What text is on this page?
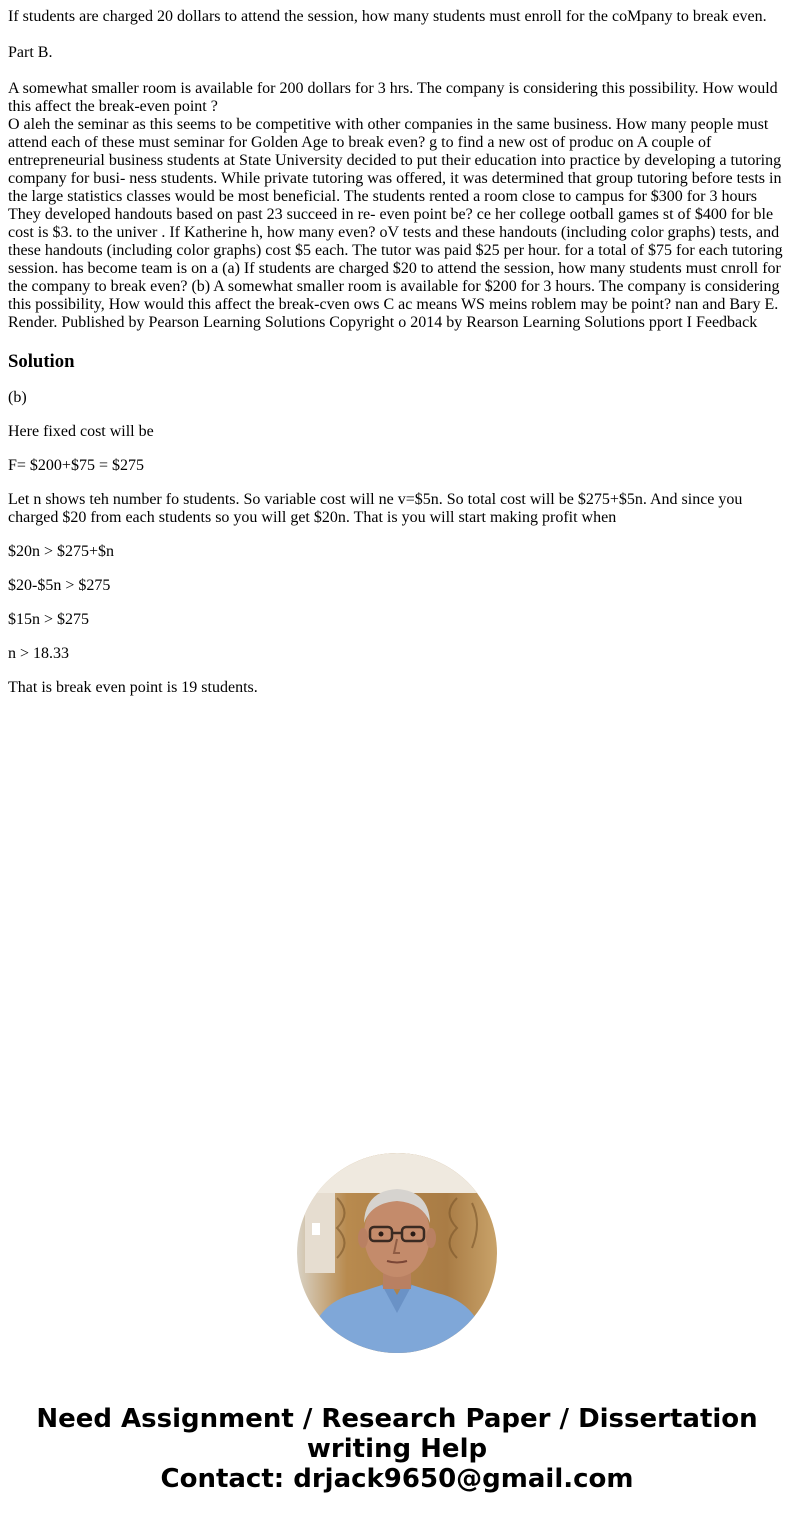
If students are charged 20 dollars to attend the session, how many students must enroll for the coMpany to break even.

Part B.

A somewhat smaller room is available for 200 dollars for 3 hrs. The company is considering this possibility. How would this affect the break-even point ?

O aleh the seminar as this seems to be competitive with other companies in the same business. How many people must attend each of these must seminar for Golden Age to break even? g to find a new ost of produc on A couple of entrepreneurial business students at State University decided to put their education into practice by developing a tutoring company for busi- ness students. While private tutoring was offered, it was determined that group tutoring before tests in the large statistics classes would be most beneficial. The students rented a room close to campus for $300 for 3 hours They developed handouts based on past 23 succeed in re- even point be? ce her college ootball games st of $400 for ble cost is $3. to the univer . If Katherine h, how many even? oV tests and these handouts (including color graphs) tests, and these handouts (including color graphs) cost $5 each. The tutor was paid $25 per hour. for a total of $75 for each tutoring session. has become team is on a (a) If students are charged $20 to attend the session, how many students must cnroll for the company to break even? (b) A somewhat smaller room is available for $200 for 3 hours. The company is considering this possibility, How would this affect the break-cven ows C ac means WS meins roblem may be point? nan and Bary E. Render. Published by Pearson Learning Solutions Copyright o 2014 by Rearson Learning Solutions pport I Feedback

Solution

(b)

Here fixed cost will be

F= $200+$75 = $275

Let n shows teh number fo students. So variable cost will ne v=$5n. So total cost will be $275+$5n. And since you charged $20 from each students so you will get $20n. That is you will start making profit when

$20n > $275+$n

$20-$5n > $275

$15n > $275

n > 18.33

That is break even point is 19 students.

Need Assignment / Research Paper / Dissertation writing Help
Contact: drjack9650@gmail.com
